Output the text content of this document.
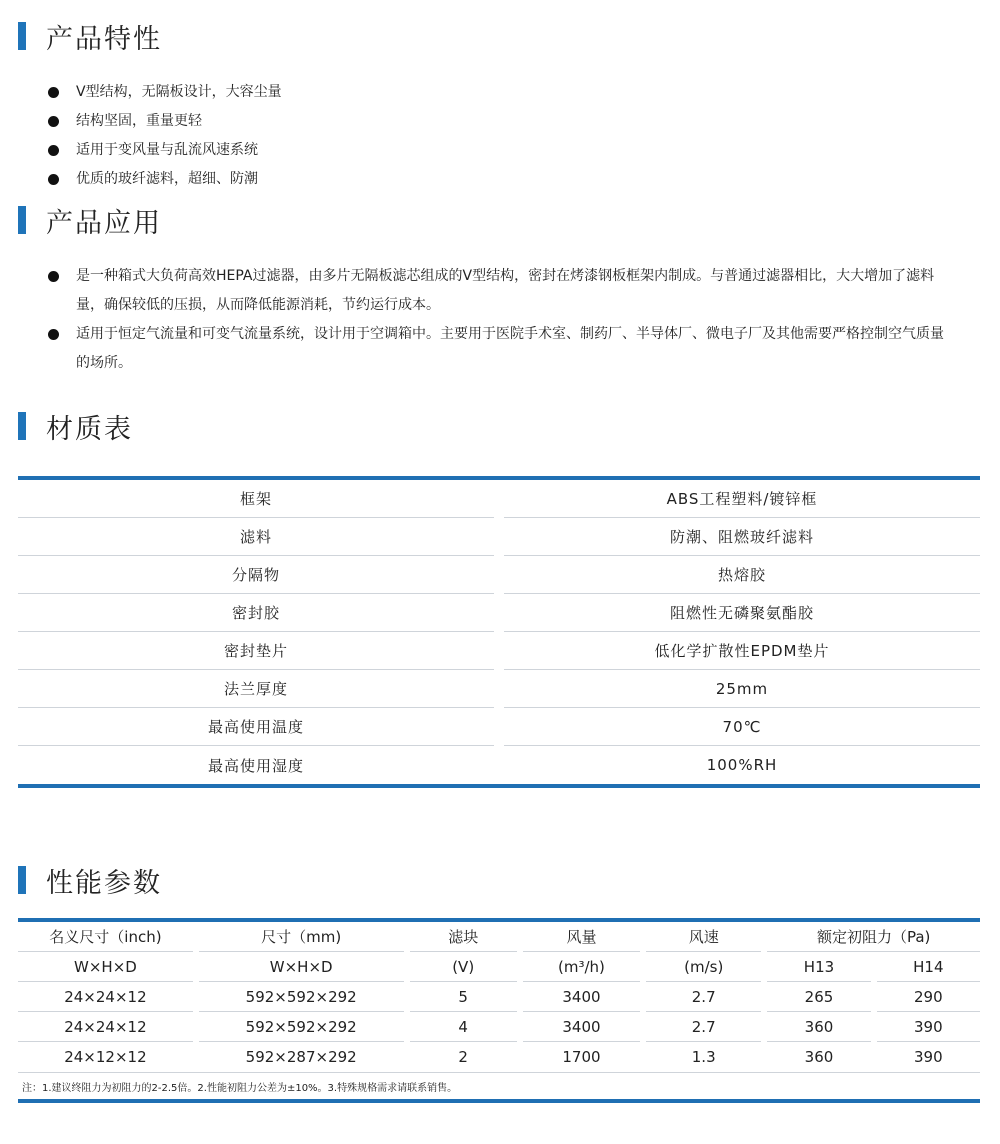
产品特性
V型结构，无隔板设计，大容尘量
结构坚固，重量更轻
适用于变风量与乱流风速系统
优质的玻纤滤料，超细、防潮
产品应用
是一种箱式大负荷高效HEPA过滤器，由多片无隔板滤芯组成的V型结构，密封在烤漆钢板框架内制成。与普通过滤器相比，大大增加了滤料量，确保较低的压损，从而降低能源消耗，节约运行成本。
适用于恒定气流量和可变气流量系统，设计用于空调箱中。主要用于医院手术室、制药厂、半导体厂、微电子厂及其他需要严格控制空气质量的场所。
材质表
框架	ABS工程塑料/镀锌框
滤料	防潮、阻燃玻纤滤料
分隔物	热熔胶
密封胶	阻燃性无磷聚氨酯胶
密封垫片	低化学扩散性EPDM垫片
法兰厚度	25mm
最高使用温度	70℃
最高使用湿度	100%RH
性能参数
名义尺寸（inch)	尺寸（mm)	滤块	风量	风速	额定初阻力（Pa)
W×H×D	W×H×D	(V)	(m³/h)	(m/s)	H13	H14
24×24×12	592×592×292	5	3400	2.7	265	290
24×24×12	592×592×292	4	3400	2.7	360	390
24×12×12	592×287×292	2	1700	1.3	360	390
注：1.建议终阻力为初阻力的2-2.5倍。2.性能初阻力公差为±10%。3.特殊规格需求请联系销售。
